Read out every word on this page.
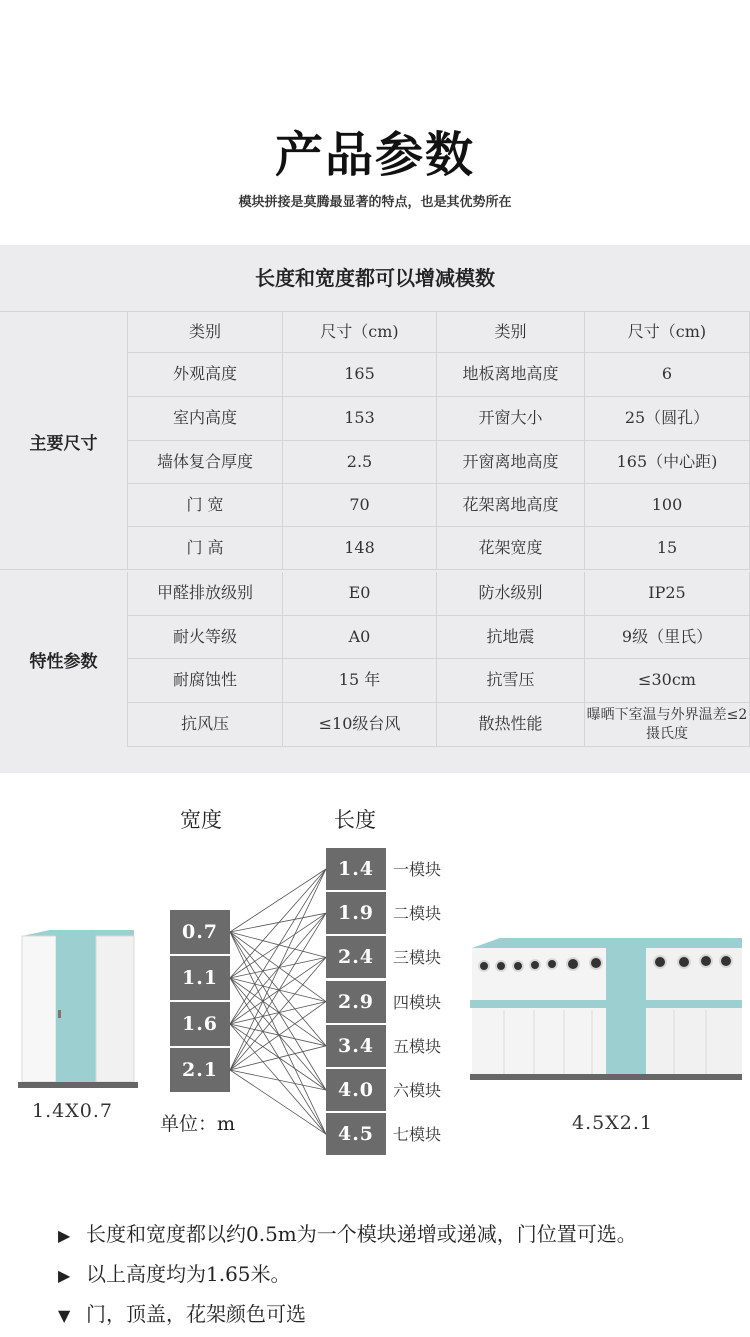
产品参数
模块拼接是莫腾最显著的特点，也是其优势所在
长度和宽度都可以增减模数
主要尺寸
类别	尺寸（cm)	类别	尺寸（cm)
外观高度	165	地板离地高度	6
室内高度	153	开窗大小	25（圆孔）
墙体复合厚度	2.5	开窗离地高度	165（中心距)
门 宽	70	花架离地高度	100
门 高	148	花架宽度	15
特性参数
甲醛排放级别	E0	防水级别	IP25
耐火等级	A0	抗地震	9级（里氏）
耐腐蚀性	15 年	抗雪压	≤30cm
抗风压	≤10级台风	散热性能	曝晒下室温与外界温差≤2摄氏度
宽度	长度
0.7
1.1
1.6
2.1
1.4	一模块
1.9	二模块
2.4	三模块
2.9	四模块
3.4	五模块
4.0	六模块
4.5	七模块
单位：m
1.4X0.7
4.5X2.1
▶ 长度和宽度都以约0.5m为一个模块递增或递减，门位置可选。
▶ 以上高度均为1.65米。
▼ 门，顶盖，花架颜色可选
